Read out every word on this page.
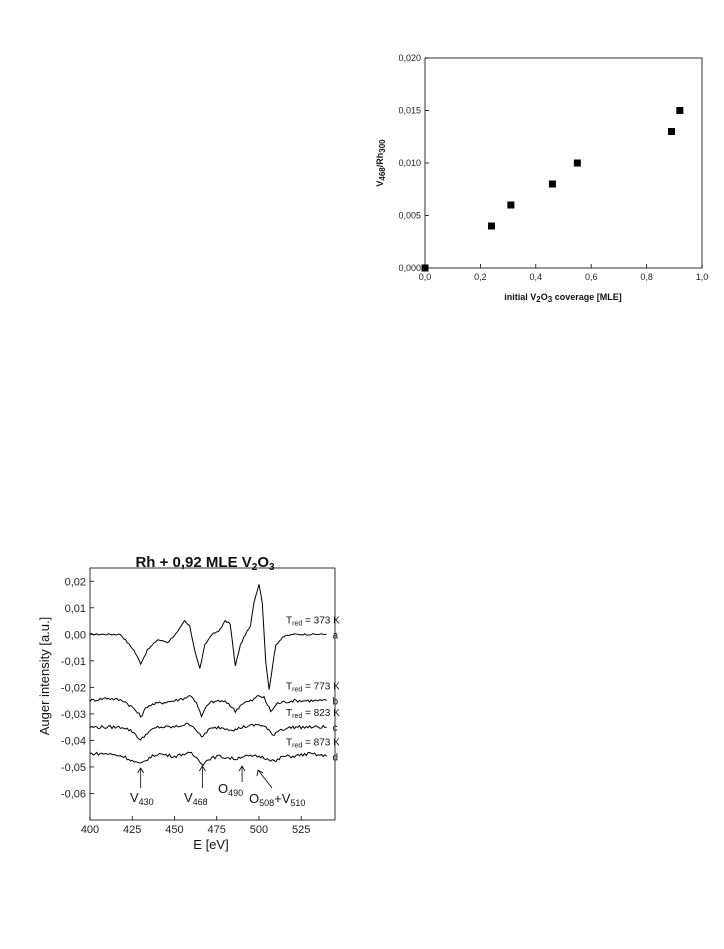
0,0	0,2	0,4	0,6	0,8	1,0
0,000
0,005
0,010
0,015
0,020
initial V2O3 coverage [MLE]
V468/Rh300
Rh + 0,92 MLE $V_2O_3$
400 425 450 475 500 525
0,02
0,01
0,00
-0,01
-0,02
-0,03
-0,04
-0,05
-0,06
a
$T_{red} = 373$ K
b
$T_{red} = 773$ K
c
$T_{red} = 823$ K
d
$T_{red} = 873$ K
$V_{430}$ $V_{468}$
$O_{490}$ $O_{508}+V_{510}$
E [eV]
Auger intensity [a.u.]
